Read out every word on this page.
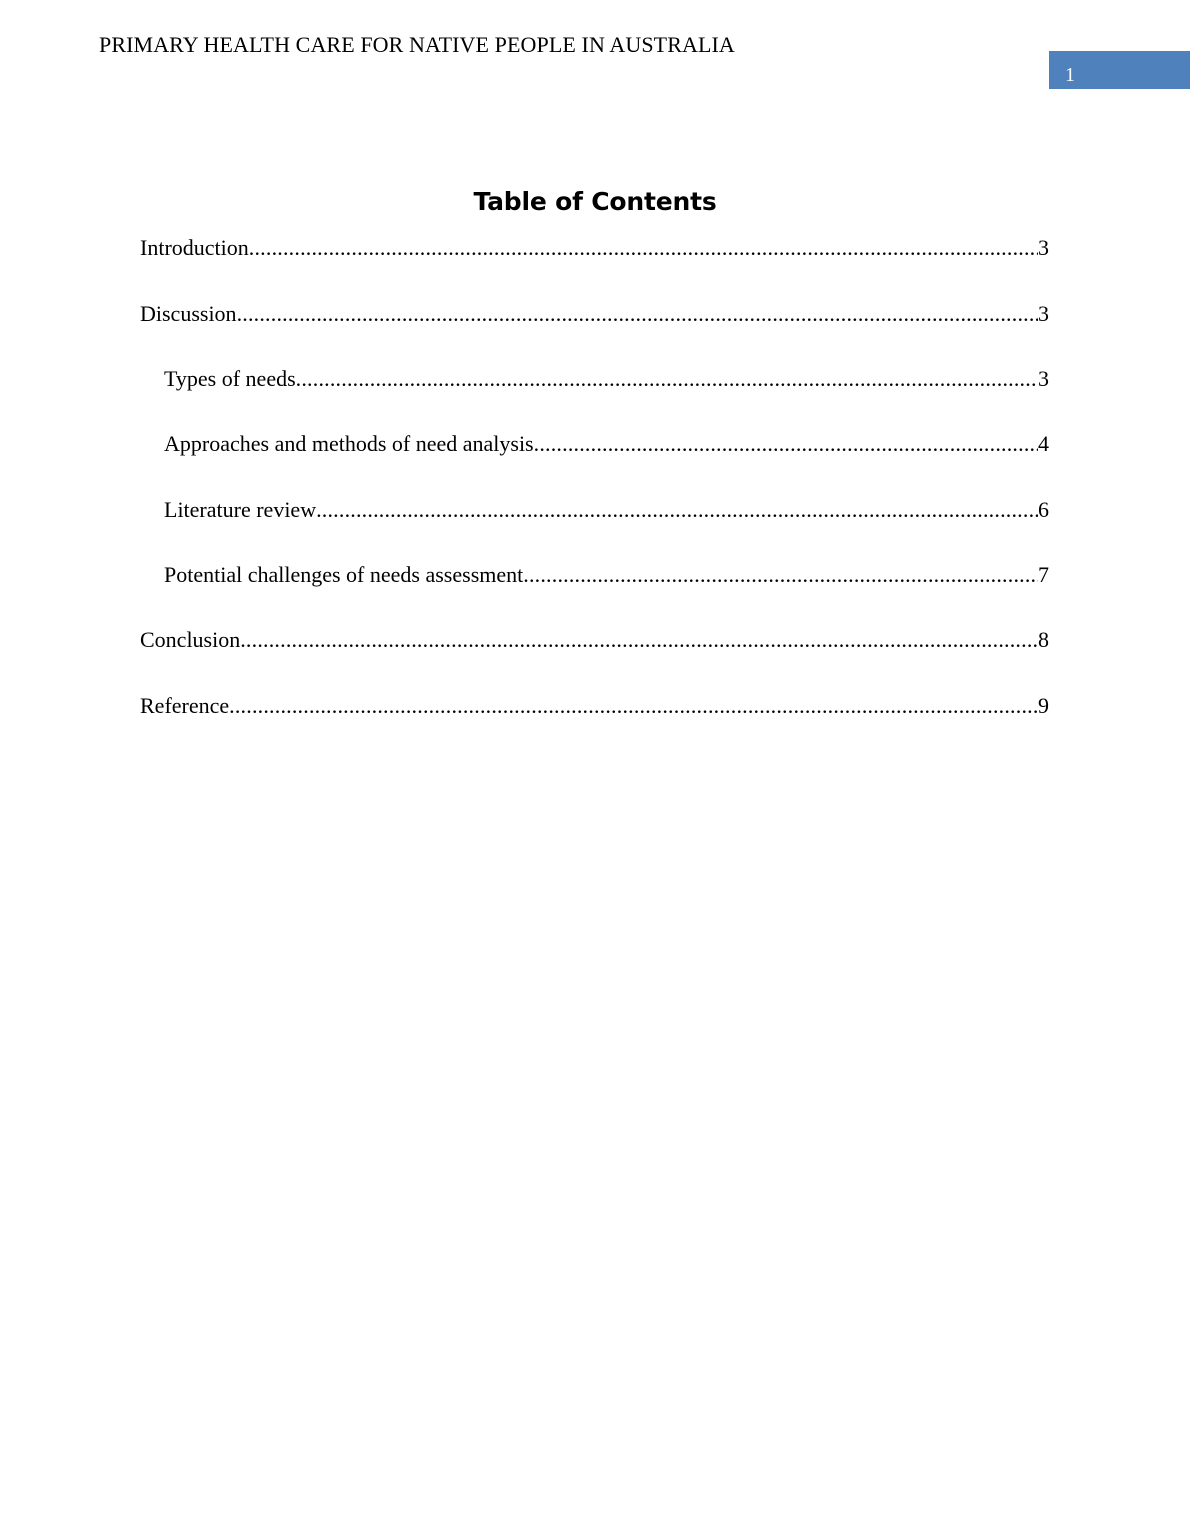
PRIMARY HEALTH CARE FOR NATIVE PEOPLE IN AUSTRALIA
1
Table of Contents
Introduction .....	3
Discussion .....	3
Types of needs .....	3
Approaches and methods of need analysis .....	4
Literature review .....	6
Potential challenges of needs assessment .....	7
Conclusion .....	8
Reference .....	9
